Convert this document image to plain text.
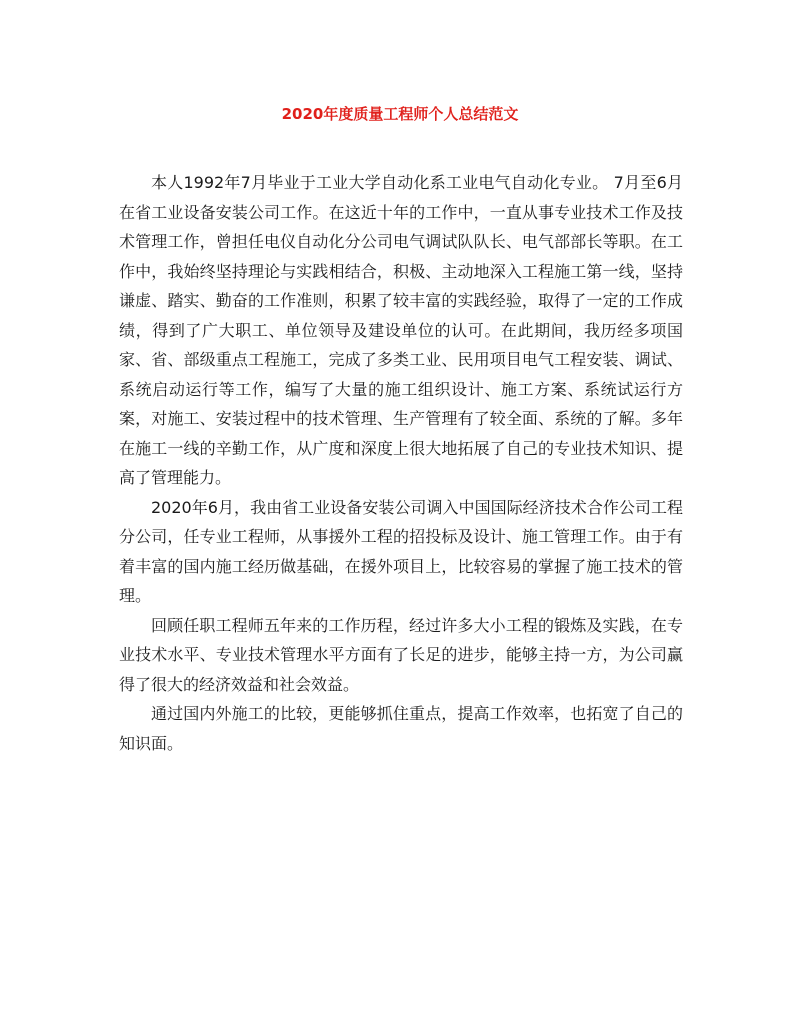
2020年度质量工程师个人总结范文

本人1992年7月毕业于工业大学自动化系工业电气自动化专业。 7月至6月在省工业设备安装公司工作。在这近十年的工作中，一直从事专业技术工作及技术管理工作，曾担任电仪自动化分公司电气调试队队长、电气部部长等职。在工作中，我始终坚持理论与实践相结合，积极、主动地深入工程施工第一线，坚持谦虚、踏实、勤奋的工作准则，积累了较丰富的实践经验，取得了一定的工作成绩，得到了广大职工、单位领导及建设单位的认可。在此期间，我历经多项国家、省、部级重点工程施工，完成了多类工业、民用项目电气工程安装、调试、系统启动运行等工作，编写了大量的施工组织设计、施工方案、系统试运行方案，对施工、安装过程中的技术管理、生产管理有了较全面、系统的了解。多年在施工一线的辛勤工作，从广度和深度上很大地拓展了自己的专业技术知识、提高了管理能力。

2020年6月，我由省工业设备安装公司调入中国国际经济技术合作公司工程分公司，任专业工程师，从事援外工程的招投标及设计、施工管理工作。由于有着丰富的国内施工经历做基础，在援外项目上，比较容易的掌握了施工技术的管理。

回顾任职工程师五年来的工作历程，经过许多大小工程的锻炼及实践，在专业技术水平、专业技术管理水平方面有了长足的进步，能够主持一方，为公司赢得了很大的经济效益和社会效益。

通过国内外施工的比较，更能够抓住重点，提高工作效率，也拓宽了自己的知识面。
